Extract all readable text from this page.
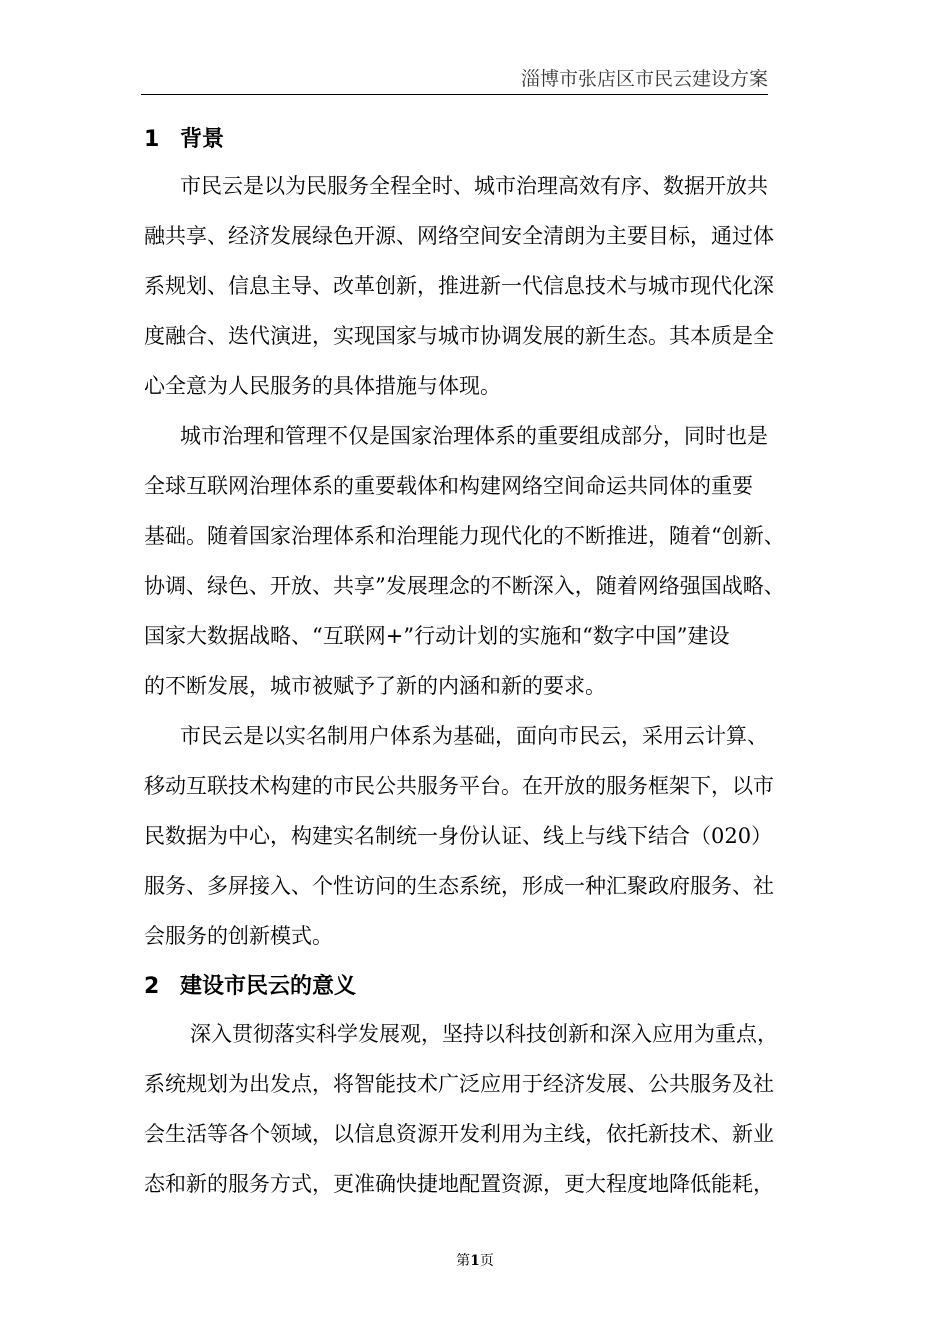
淄博市张店区市民云建设方案
1 背景
市民云是以为民服务全程全时、城市治理高效有序、数据开放共
融共享、经济发展绿色开源、网络空间安全清朗为主要目标，通过体
系规划、信息主导、改革创新，推进新一代信息技术与城市现代化深
度融合、迭代演进，实现国家与城市协调发展的新生态。其本质是全
心全意为人民服务的具体措施与体现。
城市治理和管理不仅是国家治理体系的重要组成部分，同时也是
全球互联网治理体系的重要载体和构建网络空间命运共同体的重要
基础。随着国家治理体系和治理能力现代化的不断推进，随着“创新、
协调、绿色、开放、共享”发展理念的不断深入，随着网络强国战略、
国家大数据战略、“互联网+”行动计划的实施和“数字中国”建设
的不断发展，城市被赋予了新的内涵和新的要求。
市民云是以实名制用户体系为基础，面向市民云，采用云计算、
移动互联技术构建的市民公共服务平台。在开放的服务框架下，以市
民数据为中心，构建实名制统一身份认证、线上与线下结合（020）
服务、多屏接入、个性访问的生态系统，形成一种汇聚政府服务、社
会服务的创新模式。
2 建设市民云的意义
深入贯彻落实科学发展观，坚持以科技创新和深入应用为重点，
系统规划为出发点，将智能技术广泛应用于经济发展、公共服务及社
会生活等各个领域，以信息资源开发利用为主线，依托新技术、新业
态和新的服务方式，更准确快捷地配置资源，更大程度地降低能耗，
第1页
